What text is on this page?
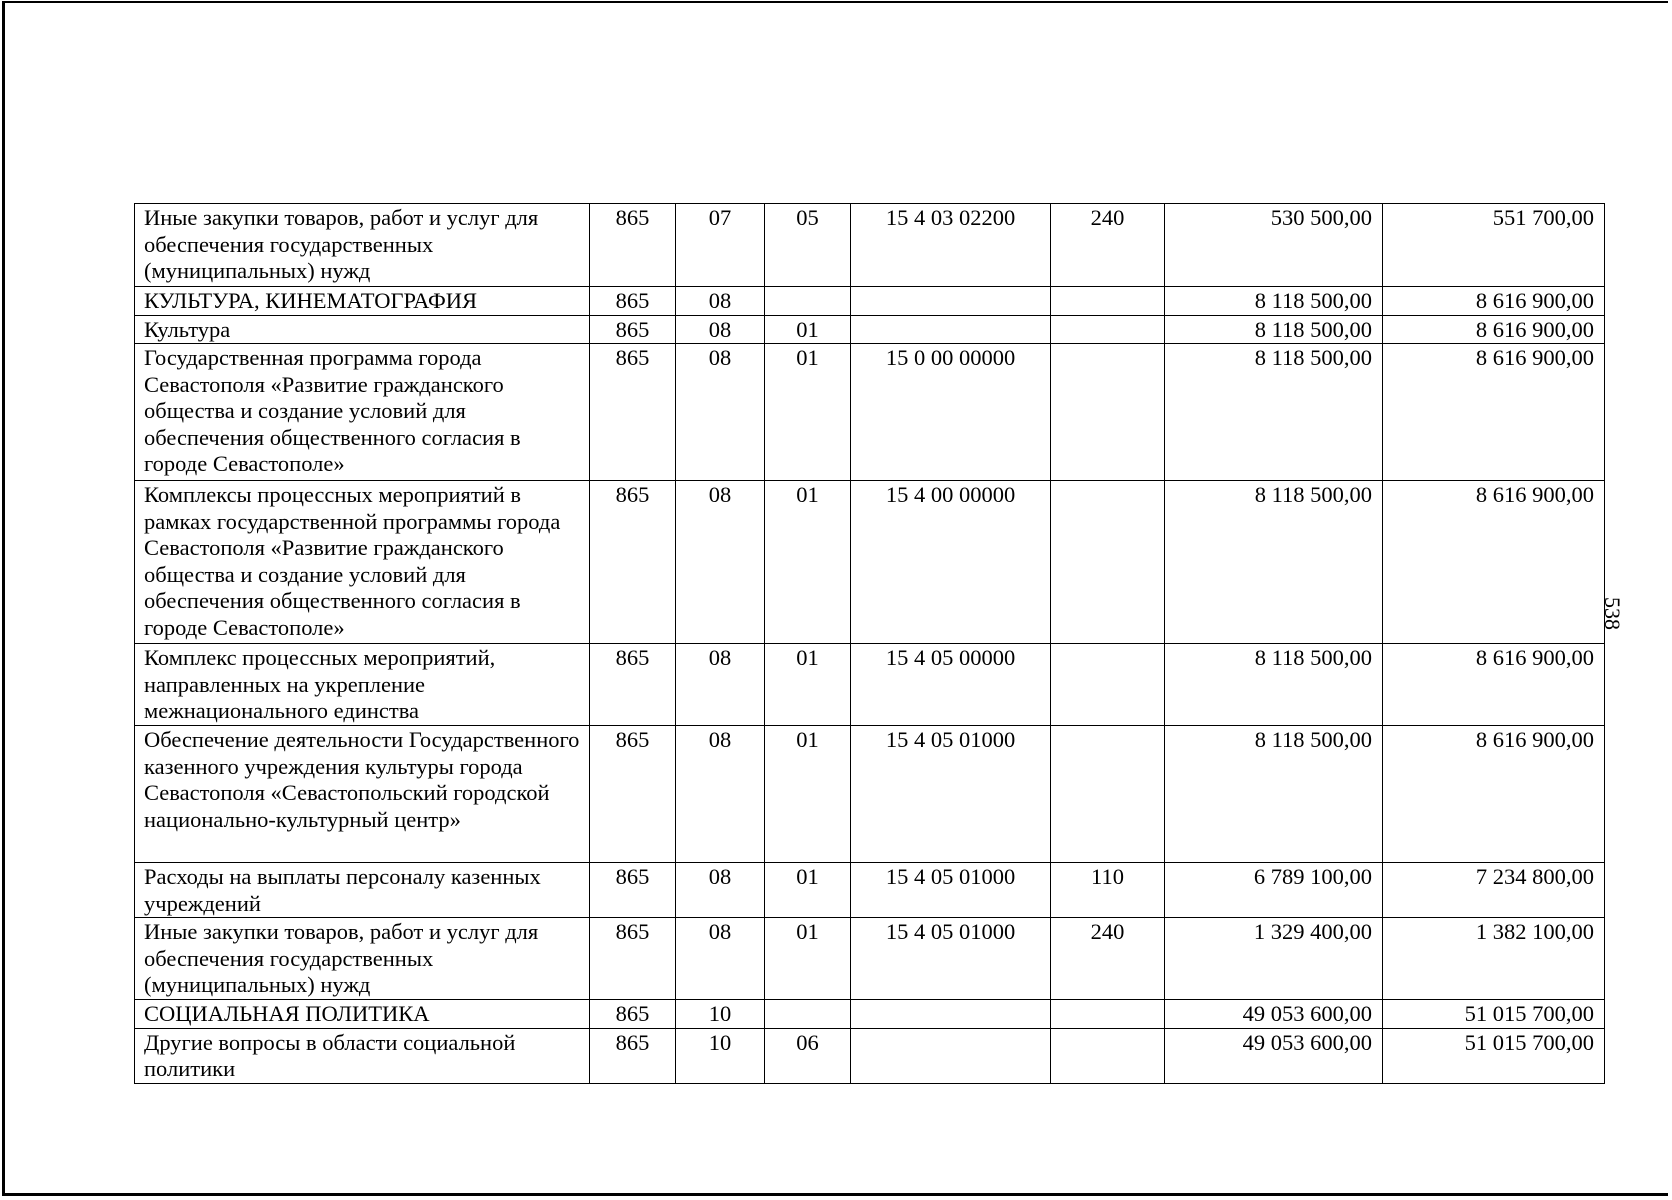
Иные закупки товаров, работ и услуг для обеспечения государственных (муниципальных) нужд	865	07	05	15 4 03 02200	240	530 500,00	551 700,00
КУЛЬТУРА, КИНЕМАТОГРАФИЯ	865	08				8 118 500,00	8 616 900,00
Культура	865	08	01			8 118 500,00	8 616 900,00
Государственная программа города Севастополя «Развитие гражданского общества и создание условий для обеспечения общественного согласия в городе Севастополе»	865	08	01	15 0 00 00000		8 118 500,00	8 616 900,00
Комплексы процессных мероприятий в рамках государственной программы города Севастополя «Развитие гражданского общества и создание условий для обеспечения общественного согласия в городе Севастополе»	865	08	01	15 4 00 00000		8 118 500,00	8 616 900,00
Комплекс процессных мероприятий, направленных на укрепление межнационального единства	865	08	01	15 4 05 00000		8 118 500,00	8 616 900,00
Обеспечение деятельности Государственного казенного учреждения культуры города Севастополя «Севастопольский городской национально-культурный центр»	865	08	01	15 4 05 01000		8 118 500,00	8 616 900,00
Расходы на выплаты персоналу казенных учреждений	865	08	01	15 4 05 01000	110	6 789 100,00	7 234 800,00
Иные закупки товаров, работ и услуг для обеспечения государственных (муниципальных) нужд	865	08	01	15 4 05 01000	240	1 329 400,00	1 382 100,00
СОЦИАЛЬНАЯ ПОЛИТИКА	865	10				49 053 600,00	51 015 700,00
Другие вопросы в области социальной политики	865	10	06			49 053 600,00	51 015 700,00
538
